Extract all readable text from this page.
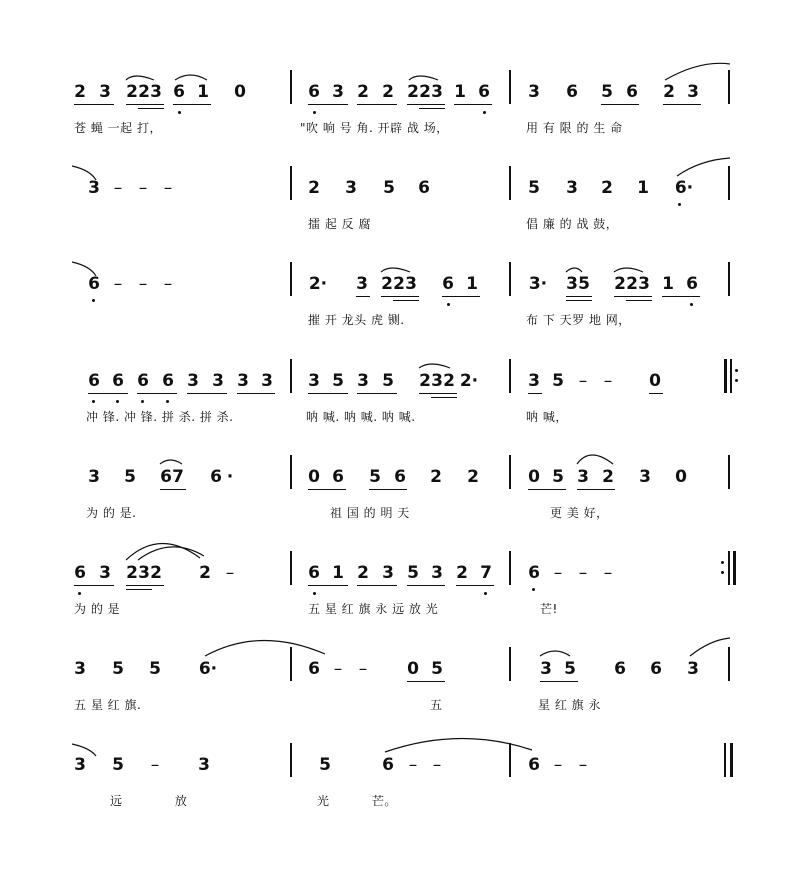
2 3 2 2 3 6 1 0
苍 蝇 一起 打，
6 3 2 2 2 2 3 1 6
"吹 响 号 角. 开辟 战 场，
3 6 5 6 2 3
用 有 限 的 生 命
3 – – –	2 3 5 6
擂 起 反 腐
5 3 2 1 6·
倡 廉 的 战 鼓，
6 – – –	2· 3 2 2 3 6 1
摧 开 龙头 虎 铡.
3· 3 5 2 2 3 1 6
布 下 天罗 地 网，
6 6 6 6 3 3 3 3
冲 锋. 冲 锋. 拼 杀. 拼 杀.
3 5 3 5 2 3 2 2·
呐 喊. 呐 喊. 呐 喊.
3 5 – – 0
呐 喊，
3 5 6 7 6 ·
为 的 是.
0 6 5 6 2 2
祖 国 的 明 天
0 5 3 2 3 0
更 美 好，
6 3 2 3 2 2 –
为 的 是
6 1 2 3 5 3 2 7
五 星 红 旗 永 远 放 光
6 – – –
芒!
3 5 5 6·
五 星 红 旗.
6 – – 0 5
五
3 5 6 6 3
星 红 旗 永
3 5 – 3
远 放
5	6 – –
光 芒。
6 – –
